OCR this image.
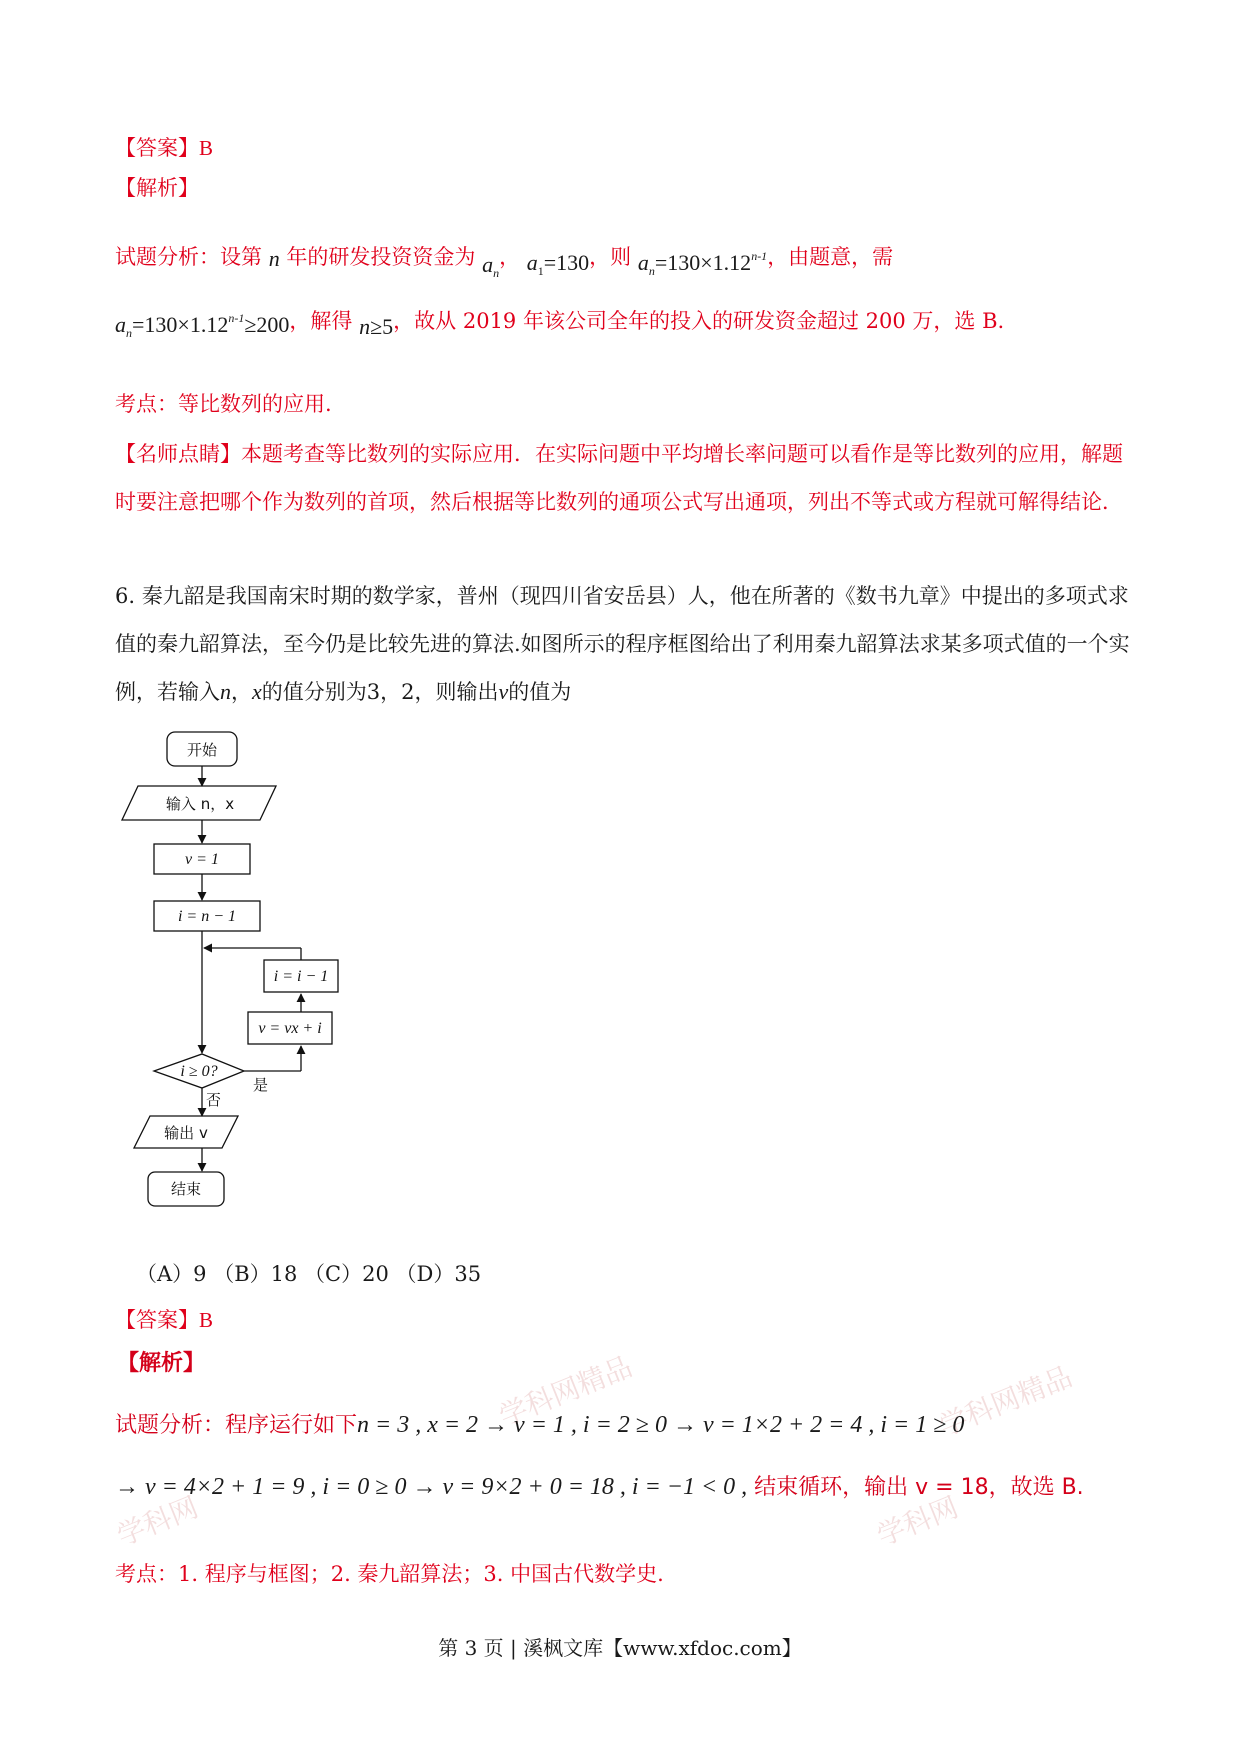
【答案】B
【解析】
试题分析：设第 n 年的研发投资资金为 $a_n$， $a_1=130$，则 $a_n=130\times 1.12^{n-1}$，由题意，需
$a_n=130\times 1.12^{n-1}\ge 200$，解得 n≥5，故从 2019 年该公司全年的投入的研发资金超过 200 万，选 B.
考点：等比数列的应用.
【名师点睛】本题考查等比数列的实际应用．在实际问题中平均增长率问题可以看作是等比数列的应用，解题时要注意把哪个作为数列的首项，然后根据等比数列的通项公式写出通项，列出不等式或方程就可解得结论．
6. 秦九韶是我国南宋时期的数学家，普州（现四川省安岳县）人，他在所著的《数书九章》中提出的多项式求值的秦九韶算法，至今仍是比较先进的算法.如图所示的程序框图给出了利用秦九韶算法求某多项式值的一个实例，若输入n，x的值分别为3，2，则输出v的值为
开始
输入 n，x
v = 1
i = n − 1
i = i − 1
v = vx + i
i ≥ 0?
是
否
输出 v
结束
（A）9 （B）18 （C）20 （D）35
【答案】B
学科网精品	学科网精品
学科网	学科网
【解析】
试题分析：程序运行如下n = 3 , x = 2 → v = 1 , i = 2 ≥ 0 → v = 1×2 + 2 = 4 , i = 1 ≥ 0
→ v = 4×2 + 1 = 9 , i = 0 ≥ 0 → v = 9×2 + 0 = 18 , i = −1 < 0 , 结束循环，输出 v = 18，故选 B.
考点：1. 程序与框图；2. 秦九韶算法；3. 中国古代数学史.
第 3 页 | 溪枫文库【www.xfdoc.com】
